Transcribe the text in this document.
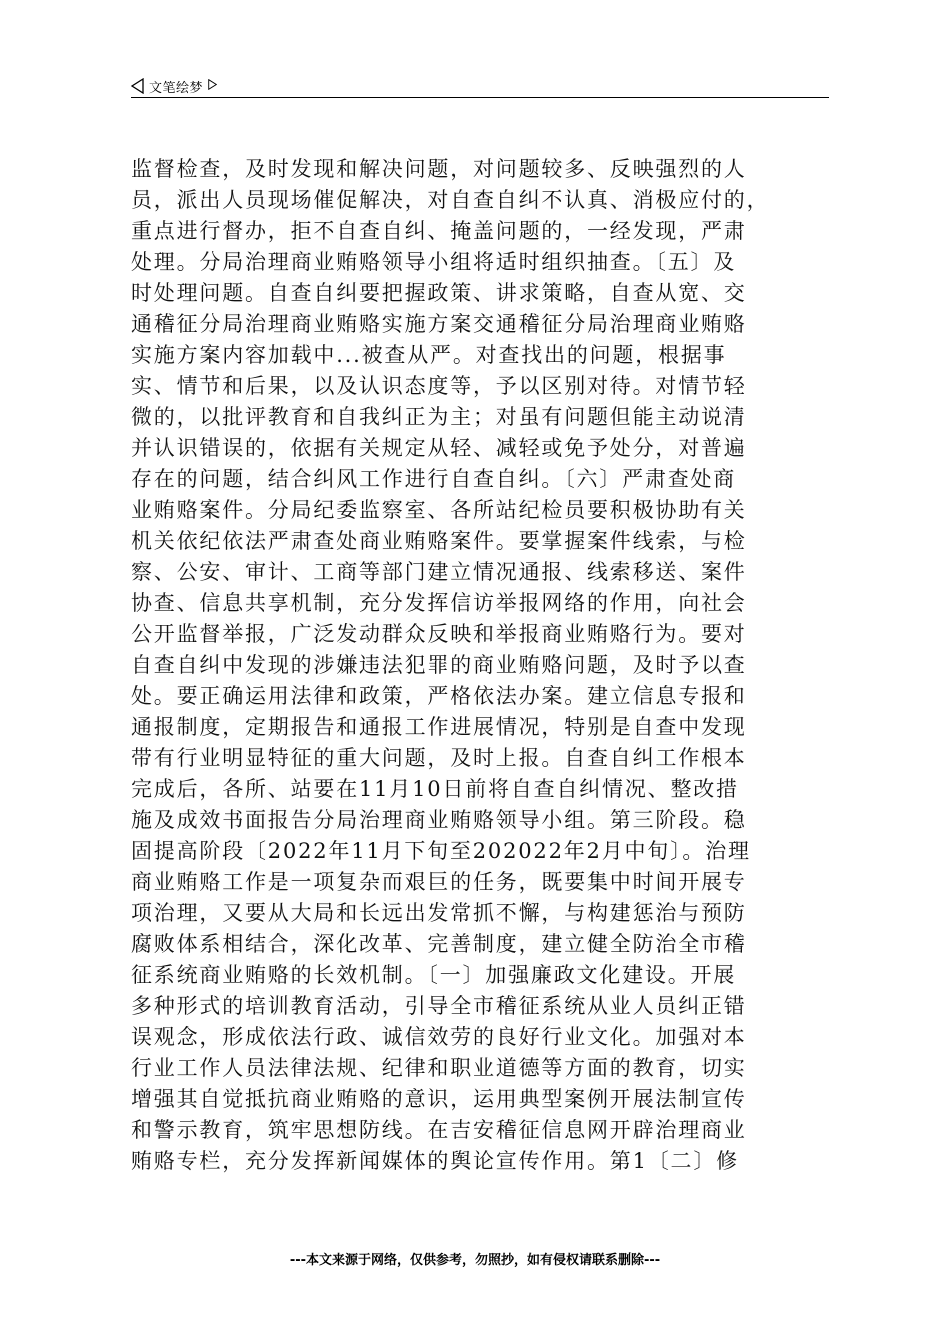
文笔绘梦
监督检查，及时发现和解决问题，对问题较多、反映强烈的人
员，派出人员现场催促解决，对自查自纠不认真、消极应付的，
重点进行督办，拒不自查自纠、掩盖问题的，一经发现，严肃
处理。分局治理商业贿赂领导小组将适时组织抽查。〔五〕及
时处理问题。自查自纠要把握政策、讲求策略，自查从宽、交
通稽征分局治理商业贿赂实施方案交通稽征分局治理商业贿赂
实施方案内容加载中...被查从严。对查找出的问题，根据事
实、情节和后果，以及认识态度等，予以区别对待。对情节轻
微的，以批评教育和自我纠正为主；对虽有问题但能主动说清
并认识错误的，依据有关规定从轻、减轻或免予处分，对普遍
存在的问题，结合纠风工作进行自查自纠。〔六〕严肃查处商
业贿赂案件。分局纪委监察室、各所站纪检员要积极协助有关
机关依纪依法严肃查处商业贿赂案件。要掌握案件线索，与检
察、公安、审计、工商等部门建立情况通报、线索移送、案件
协查、信息共享机制，充分发挥信访举报网络的作用，向社会
公开监督举报，广泛发动群众反映和举报商业贿赂行为。要对
自查自纠中发现的涉嫌违法犯罪的商业贿赂问题，及时予以查
处。要正确运用法律和政策，严格依法办案。建立信息专报和
通报制度，定期报告和通报工作进展情况，特别是自查中发现
带有行业明显特征的重大问题，及时上报。自查自纠工作根本
完成后，各所、站要在11月10日前将自查自纠情况、整改措
施及成效书面报告分局治理商业贿赂领导小组。第三阶段。稳
固提高阶段〔2022年11月下旬至202022年2月中旬〕。治理
商业贿赂工作是一项复杂而艰巨的任务，既要集中时间开展专
项治理，又要从大局和长远出发常抓不懈，与构建惩治与预防
腐败体系相结合，深化改革、完善制度，建立健全防治全市稽
征系统商业贿赂的长效机制。〔一〕加强廉政文化建设。开展
多种形式的培训教育活动，引导全市稽征系统从业人员纠正错
误观念，形成依法行政、诚信效劳的良好行业文化。加强对本
行业工作人员法律法规、纪律和职业道德等方面的教育，切实
增强其自觉抵抗商业贿赂的意识，运用典型案例开展法制宣传
和警示教育，筑牢思想防线。在吉安稽征信息网开辟治理商业
贿赂专栏，充分发挥新闻媒体的舆论宣传作用。第1〔二〕修
---本文来源于网络，仅供参考，勿照抄，如有侵权请联系删除---
